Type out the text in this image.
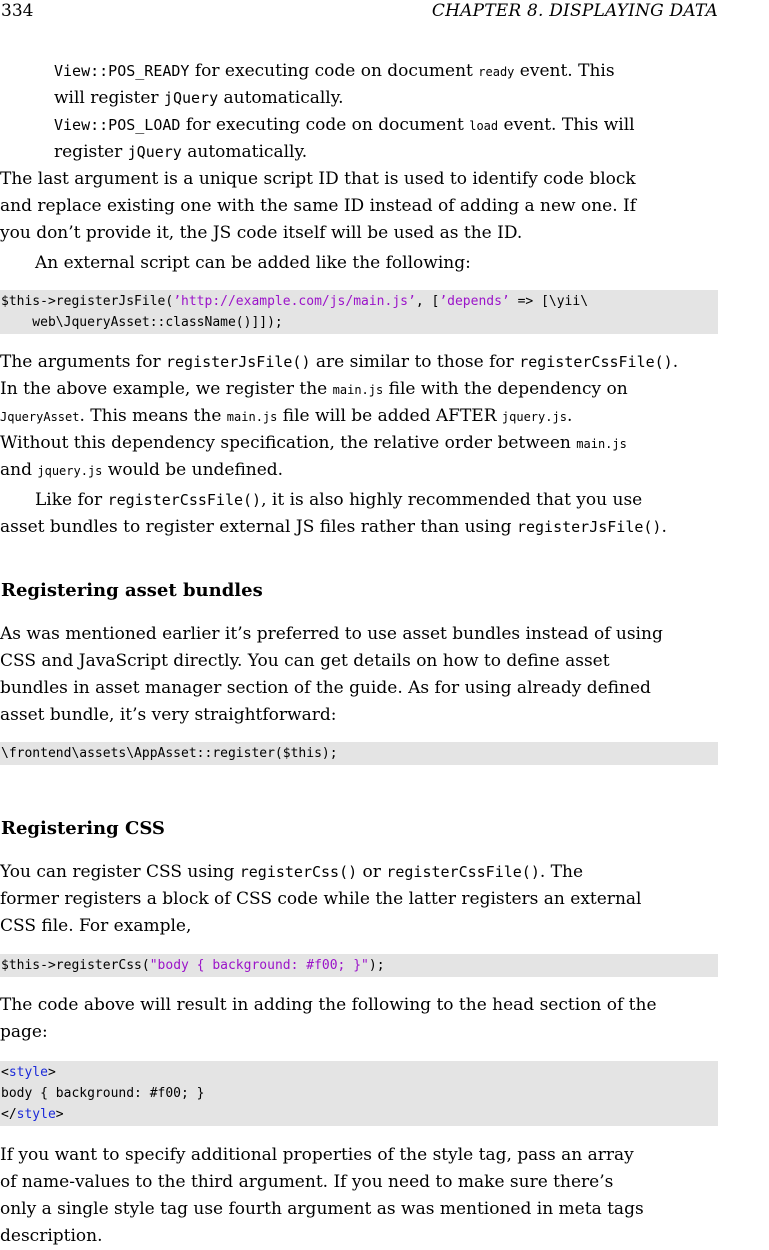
334	CHAPTER 8. DISPLAYING DATA
View::POS_READY for executing code on document ready event. This
will register jQuery automatically.
View::POS_LOAD for executing code on document load event. This will
register jQuery automatically.
The last argument is a unique script ID that is used to identify code block
and replace existing one with the same ID instead of adding a new one. If
you don’t provide it, the JS code itself will be used as the ID.
An external script can be added like the following:
$this->registerJsFile(’http://example.com/js/main.js’, [’depends’ => [\yii\
web\JqueryAsset::className()]]);
The arguments for registerJsFile() are similar to those for registerCssFile().
In the above example, we register the main.js file with the dependency on
JqueryAsset. This means the main.js file will be added AFTER jquery.js.
Without this dependency specification, the relative order between main.js
and jquery.js would be undefined.
Like for registerCssFile(), it is also highly recommended that you use
asset bundles to register external JS files rather than using registerJsFile().
Registering asset bundles
As was mentioned earlier it’s preferred to use asset bundles instead of using
CSS and JavaScript directly. You can get details on how to define asset
bundles in asset manager section of the guide. As for using already defined
asset bundle, it’s very straightforward:
\frontend\assets\AppAsset::register($this);
Registering CSS
You can register CSS using registerCss() or registerCssFile(). The
former registers a block of CSS code while the latter registers an external
CSS file. For example,
$this->registerCss("body { background: #f00; }");
The code above will result in adding the following to the head section of the
page:
<style>
body { background: #f00; }
</style>
If you want to specify additional properties of the style tag, pass an array
of name-values to the third argument. If you need to make sure there’s
only a single style tag use fourth argument as was mentioned in meta tags
description.
